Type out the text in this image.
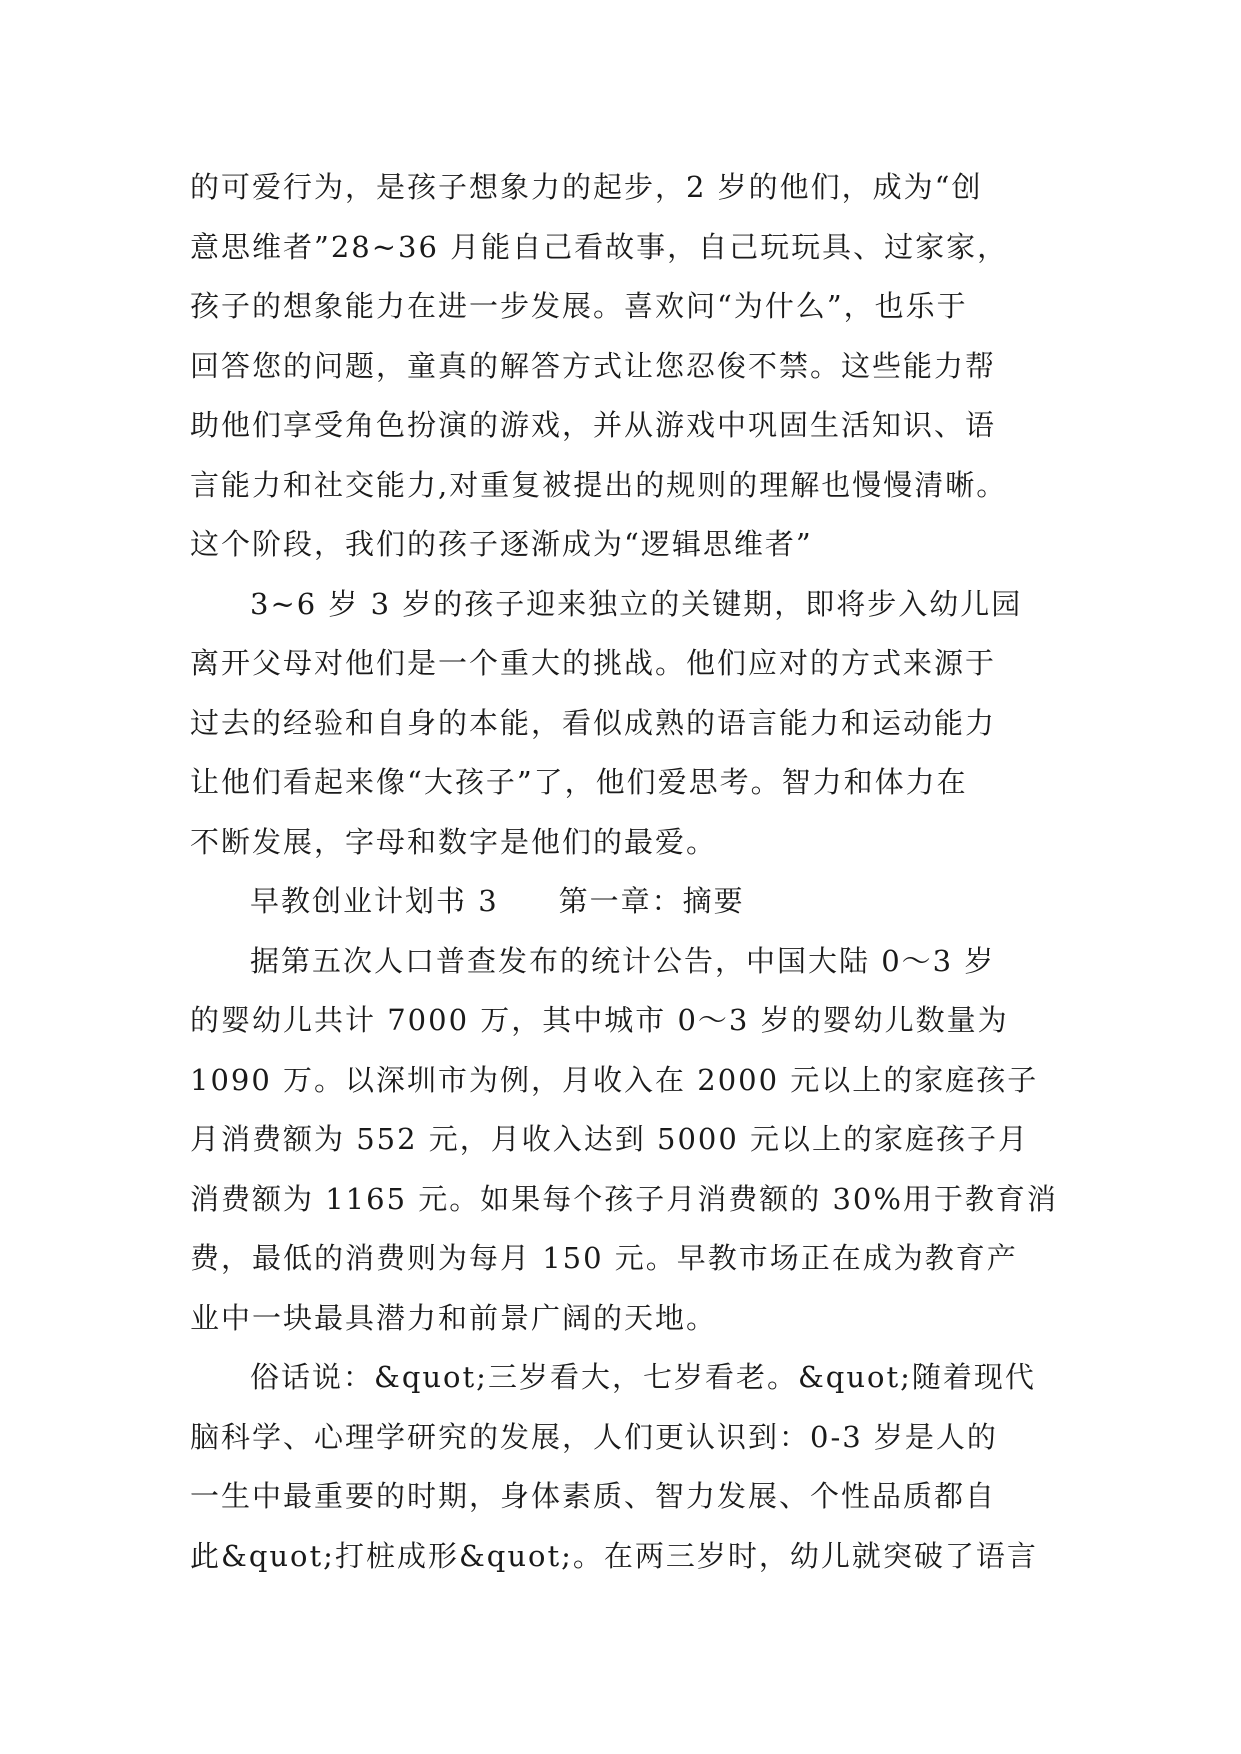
的可爱行为，是孩子想象力的起步，2 岁的他们，成为“创
意思维者”28~36 月能自己看故事，自己玩玩具、过家家，
孩子的想象能力在进一步发展。喜欢问“为什么”，也乐于
回答您的问题，童真的解答方式让您忍俊不禁。这些能力帮
助他们享受角色扮演的游戏，并从游戏中巩固生活知识、语
言能力和社交能力,对重复被提出的规则的理解也慢慢清晰。
这个阶段，我们的孩子逐渐成为“逻辑思维者”
3~6 岁 3 岁的孩子迎来独立的关键期，即将步入幼儿园
离开父母对他们是一个重大的挑战。他们应对的方式来源于
过去的经验和自身的本能，看似成熟的语言能力和运动能力
让他们看起来像“大孩子”了，他们爱思考。智力和体力在
不断发展，字母和数字是他们的最爱。
早教创业计划书 3 第一章：摘要
据第五次人口普查发布的统计公告，中国大陆 0～3 岁
的婴幼儿共计 7000 万，其中城市 0～3 岁的婴幼儿数量为
1090 万。以深圳市为例，月收入在 2000 元以上的家庭孩子
月消费额为 552 元，月收入达到 5000 元以上的家庭孩子月
消费额为 1165 元。如果每个孩子月消费额的 30%用于教育消
费，最低的消费则为每月 150 元。早教市场正在成为教育产
业中一块最具潜力和前景广阔的天地。
俗话说：&quot;三岁看大，七岁看老。&quot;随着现代
脑科学、心理学研究的发展，人们更认识到：0-3 岁是人的
一生中最重要的时期，身体素质、智力发展、个性品质都自
此&quot;打桩成形&quot;。在两三岁时，幼儿就突破了语言
